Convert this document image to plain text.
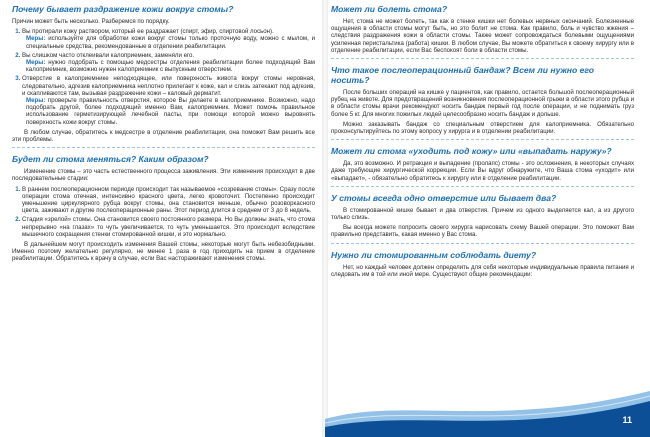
Почему бывает раздражение кожи вокруг стомы?

Причин может быть несколько. Разберемся по порядку.

1. Вы протирали кожу раствором, который ее раздражает (спирт, эфир, спиртовой лосьон).
Меры: используйте для обработки кожи вокруг стомы только проточную воду, можно с мылом, и специальные средства, рекомендованные в отделении реабилитации.
2. Вы слишком часто отклеивали калоприемник, заменяли его.
Меры: нужно подобрать с помощью медсестры отделения реабилитации более подходящий Вам калоприемник, возможно нужен калоприемник с выпускным отверстием.
3. Отверстие в калоприемнике неподходящее, или поверхность живота вокруг стомы неровная, следовательно, адгезив калоприемника неплотно прилегает к коже, кал и слизь затекают под адгезив, и скапливаются там, вызывая раздражение кожи – каловый дерматит.
Меры: проверьте правильность отверстия, которое Вы делаете в калоприемнике. Возможно, надо подобрать другой, более подходящий именно Вам, калоприемник. Может помочь правильное использование герметизирующей лечебной пасты, при помощи которой можно выровнять поверхность кожи вокруг стомы.

В любом случае, обратитесь к медсестре в отделение реабилитации, она поможет Вам решить все эти проблемы.

Будет ли стома меняться? Каким образом?

Изменение стомы – это часть естественного процесса заживления. Эти изменения происходят в две последовательные стадии:

1. В раннем послеоперационном периоде происходит так называемое «созревание стомы». Сразу после операции стома отечная, интенсивно красного цвета, легко кровоточит. Постепенно происходит уменьшение циркулярного рубца вокруг стомы, она становится меньше, обычно розоворкасного цвета, заживают и другие послеоперационные раны. Этот период длится в среднем от 3 до 8 недель.
2. Стадия «зрелой» стомы. Она становится своего постоянного размера. Но Вы должны знать, что стома непрерывно «на глазах» то чуть увеличивается, то чуть уменьшается. Это происходит вследствие мышечного сокращения стенки стомированной кишки, и это нормально.

В дальнейшем могут происходить изменения Вашей стомы, некоторые могут быть небезобидными. Именно поэтому желательно регулярно, не менее 1 раза в год приходить на прием в отделение реабилитации. Обратитесь к врачу в случае, если Вас настораживают изменения стомы.

Может ли болеть стома?

Нет, стома не может болеть, так как в стенке кишки нет болевых нервных окончаний. Болезненные ощущения в области стомы могут быть, но это болит не стома. Как правило, боль и чувство жжения – следствия раздражения кожи в области стомы. Также может сопровождаться болевыми ощущениями усиленная перистальтика (работа) кишки. В любом случае, Вы можете обратиться к своему хирургу или в отделение реабилитации, если Вас беспокоят боли в области стомы.

Что такое послеоперационный бандаж? Всем ли нужно его носить?

После больших операций на кишке у пациентов, как правило, остается большой послеоперационный рубец на животе. Для предотвращений возникновения послеоперационной грыжи в области этого рубца и в области стомы врачи рекомендуют носить бандаж первый год после операции, и не поднимать груз более 5 кг. Для многих пожилых людей целесообразно носить бандаж и дольше.

Можно заказывать бандаж со специальным отверстием для калоприемника. Обязательно проконсультируйтесь по этому вопросу у хирурга и в отделении реабилитации.

Может ли стома «уходить под кожу» или «выпадать наружу»?

Да, это возможно. И ретракция и выпадение (пролапс) стомы - это осложнения, в некоторых случаях даже требующие хирургической коррекции. Если Вы вдруг обнаружите, что Ваша стома «уходит» или «выпадает», - обязательно обратитесь к хирургу или в отделение реабилитации.

У стомы всегда одно отверстие или бывает два?

В стомированной кишке бывает и два отверстия. Причем из одного выделяется кал, а из другого только слизь.

Вы всегда можете попросить своего хирурга нарисовать схему Вашей операции. Это поможет Вам правильно представить, какая именно у Вас стома.

Нужно ли стомированным соблюдать диету?

Нет, но каждый человек должен определить для себя некоторые индивидуальные правила питания и следовать им в той или иной мере. Существуют общие рекомендации:

11
